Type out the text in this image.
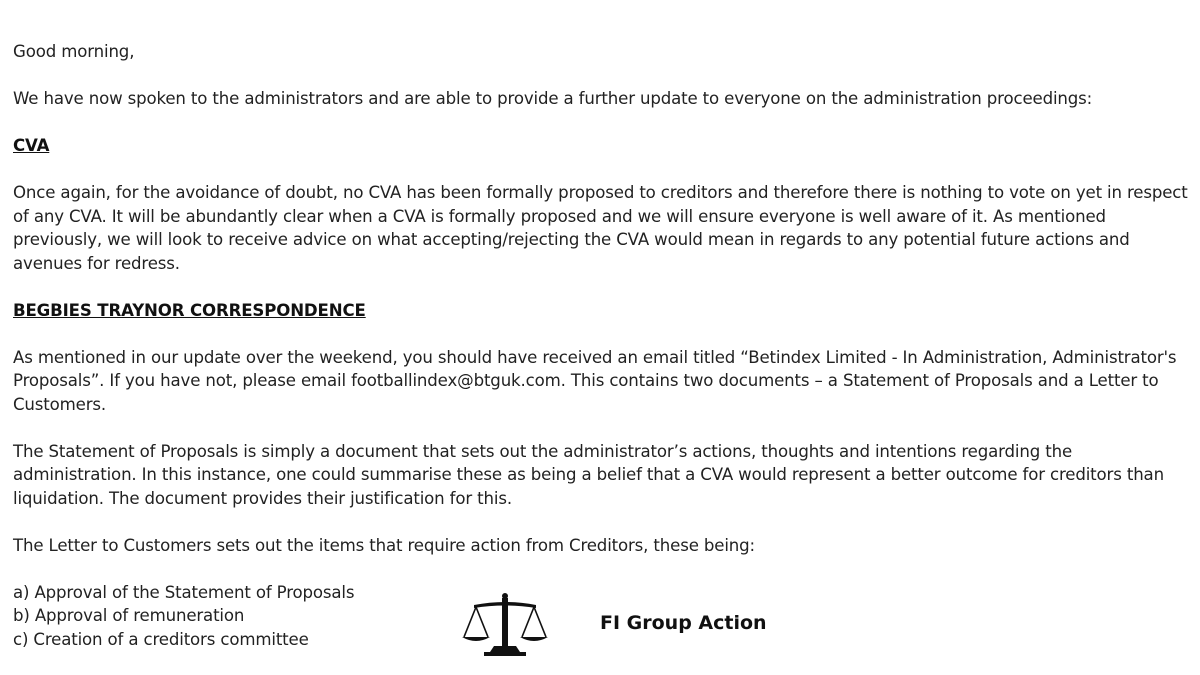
Good morning,

We have now spoken to the administrators and are able to provide a further update to everyone on the administration proceedings:

CVA

Once again, for the avoidance of doubt, no CVA has been formally proposed to creditors and therefore there is nothing to vote on yet in respect of any CVA. It will be abundantly clear when a CVA is formally proposed and we will ensure everyone is well aware of it. As mentioned previously, we will look to receive advice on what accepting/rejecting the CVA would mean in regards to any potential future actions and avenues for redress.

BEGBIES TRAYNOR CORRESPONDENCE

As mentioned in our update over the weekend, you should have received an email titled “Betindex Limited - In Administration, Administrator's Proposals”. If you have not, please email footballindex@btguk.com. This contains two documents – a Statement of Proposals and a Letter to Customers.

The Statement of Proposals is simply a document that sets out the administrator’s actions, thoughts and intentions regarding the administration. In this instance, one could summarise these as being a belief that a CVA would represent a better outcome for creditors than liquidation. The document provides their justification for this.

The Letter to Customers sets out the items that require action from Creditors, these being:

a) Approval of the Statement of Proposals
b) Approval of remuneration
c) Creation of a creditors committee
FI Group Action
